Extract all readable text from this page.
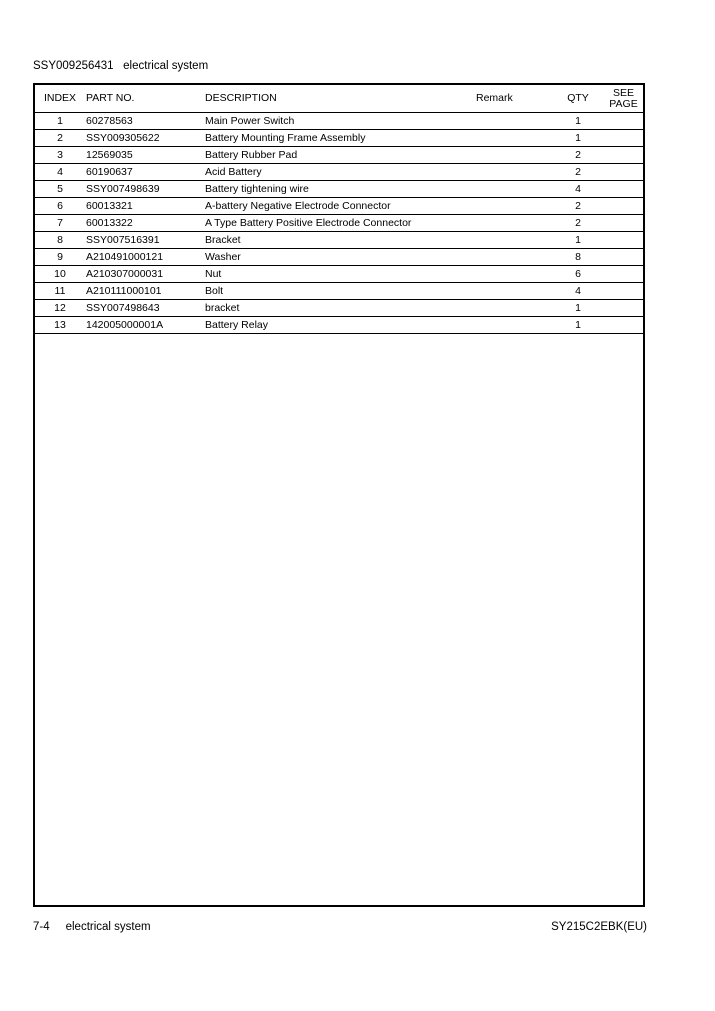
SSY009256431   electrical system
INDEX	PART NO.	DESCRIPTION	Remark	QTY	SEE
PAGE
1	60278563	Main Power Switch		1	
2	SSY009305622	Battery Mounting Frame Assembly		1	
3	12569035	Battery Rubber Pad		2	
4	60190637	Acid Battery		2	
5	SSY007498639	Battery tightening wire		4	
6	60013321	A-battery Negative Electrode Connector		2	
7	60013322	A Type Battery Positive Electrode Connector		2	
8	SSY007516391	Bracket		1	
9	A210491000121	Washer		8	
10	A210307000031	Nut		6	
11	A210111000101	Bolt		4	
12	SSY007498643	bracket		1	
13	142005000001A	Battery Relay		1	
7-4     electrical system	SY215C2EBK(EU)
